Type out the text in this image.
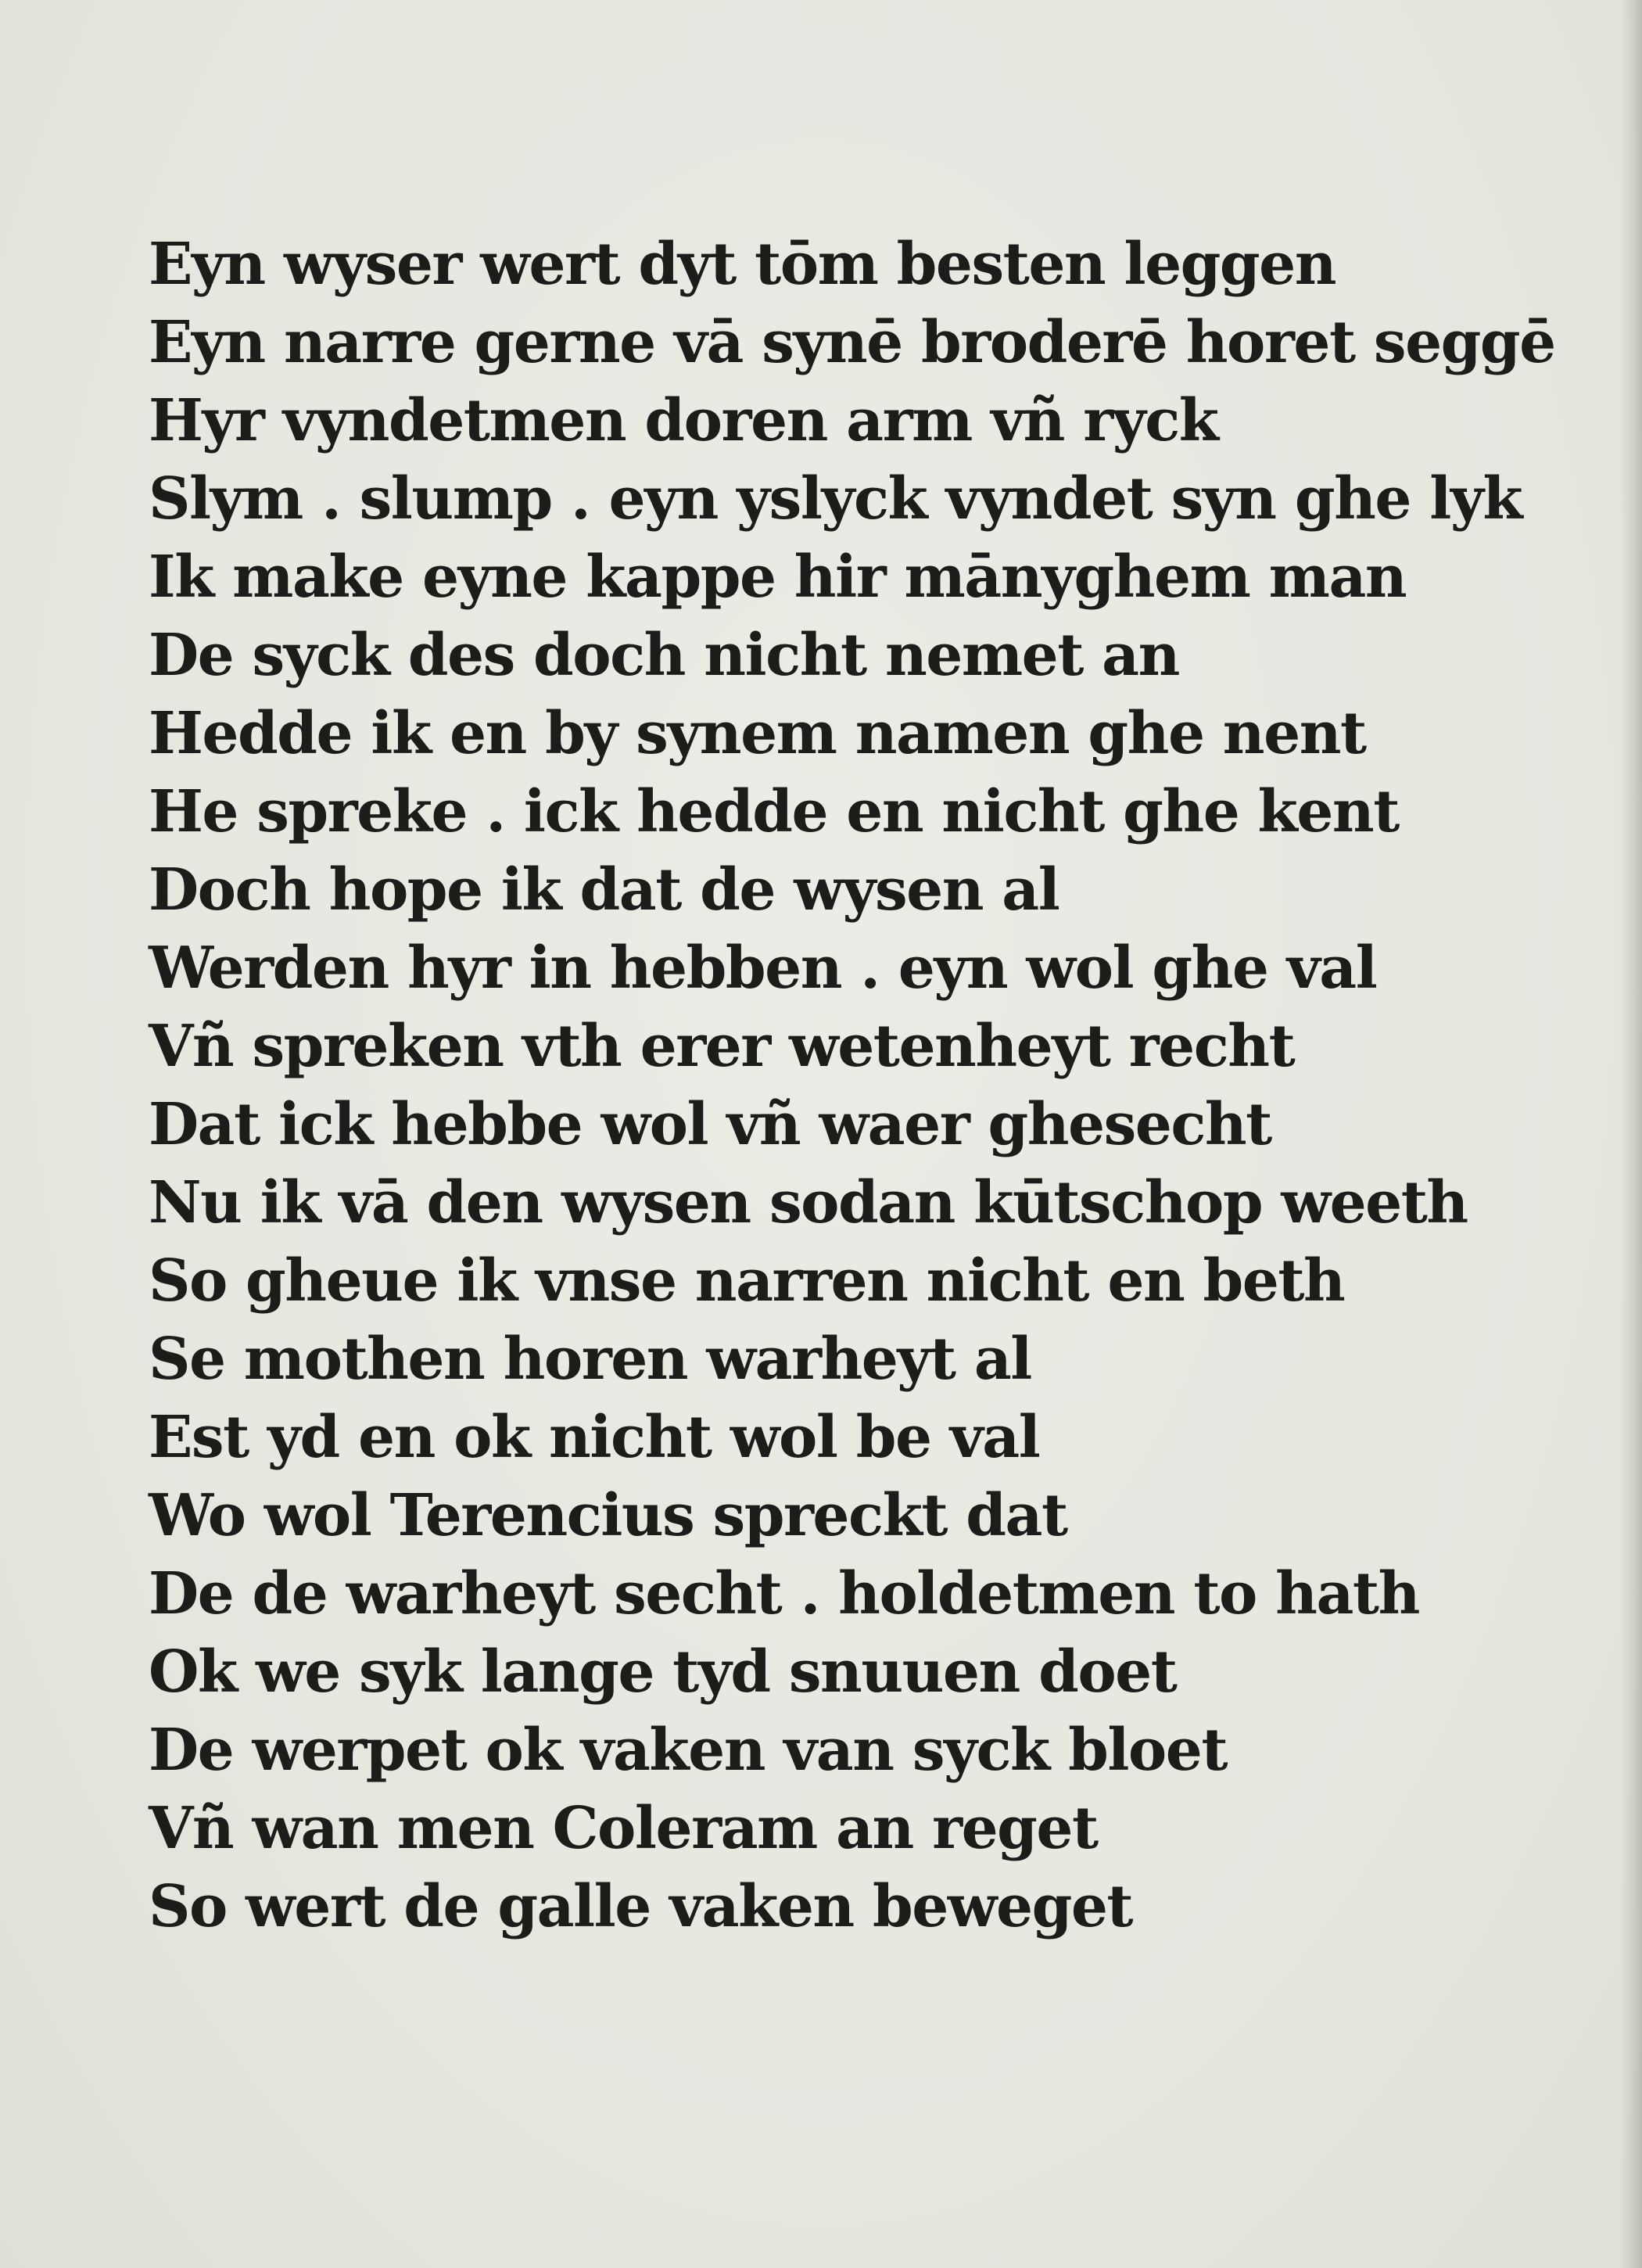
Eyn wyser wert dyt tōm besten leggen
Eyn narre gerne vā synē broderē horet seggē
Hyr vyndetmen doren arm vñ ryck
Slym . slump . eyn yslyck vyndet syn ghe lyk
Ik make eyne kappe hir mānyghem man
De syck des doch nicht nemet an
Hedde ik en by synem namen ghe nent
He spreke . ick hedde en nicht ghe kent
Doch hope ik dat de wysen al
Werden hyr in hebben . eyn wol ghe val
Vñ spreken vth erer wetenheyt recht
Dat ick hebbe wol vñ waer ghesecht
Nu ik vā den wysen sodan kūtschop weeth
So gheue ik vnse narren nicht en beth
Se mothen horen warheyt al
Est yd en ok nicht wol be val
Wo wol Terencius spreckt dat
De de warheyt secht . holdetmen to hath
Ok we syk lange tyd snuuen doet
De werpet ok vaken van syck bloet
Vñ wan men Coleram an reget
So wert de galle vaken beweget
